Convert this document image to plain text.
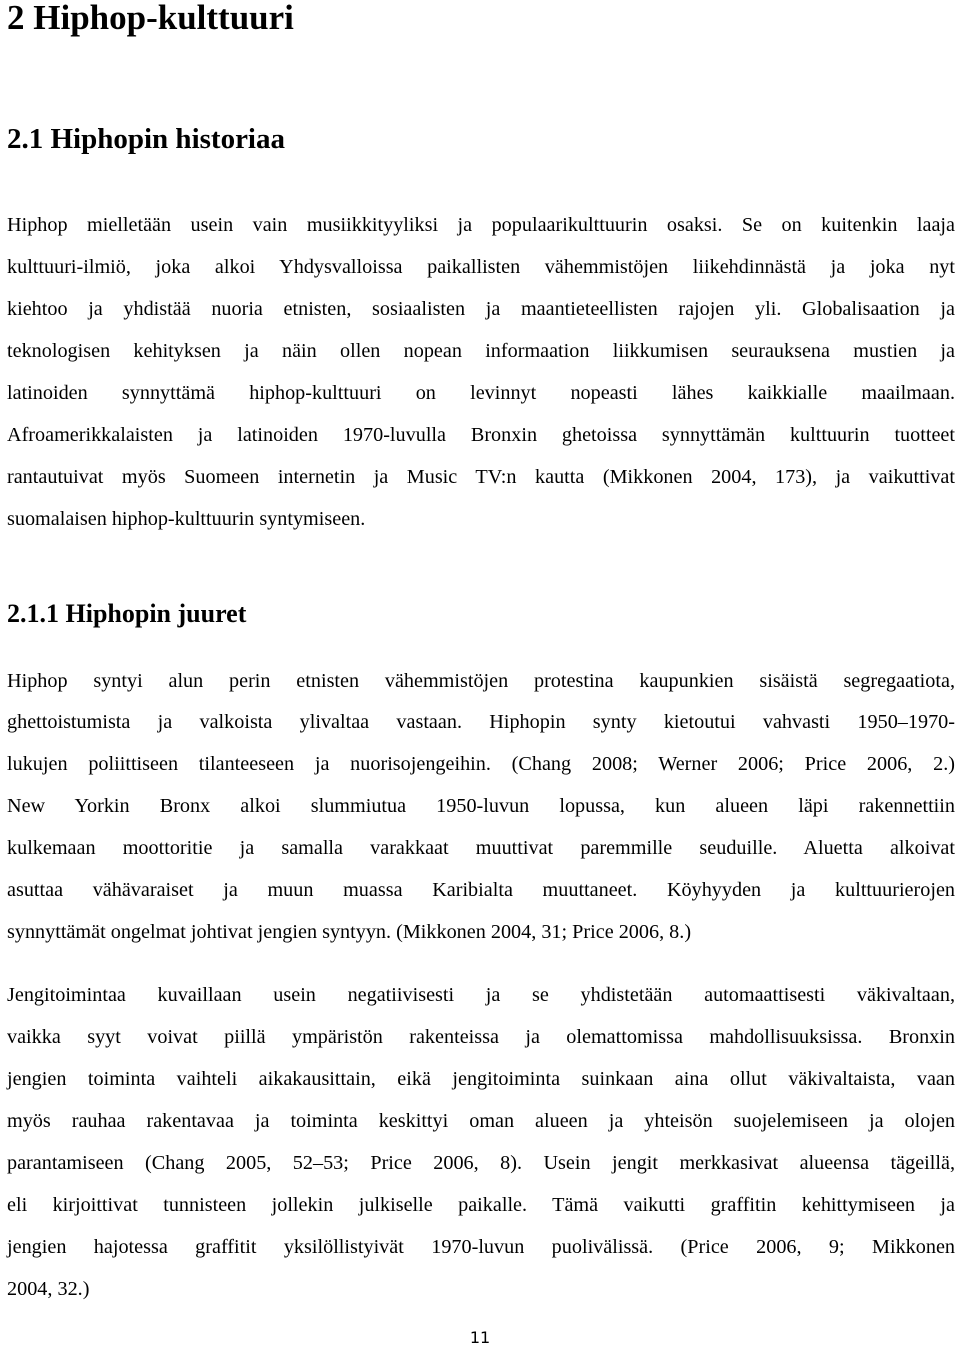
2 Hiphop-kulttuuri
2.1 Hiphopin historiaa

Hiphop mielletään usein vain musiikkityyliksi ja populaarikulttuurin osaksi. Se on kuitenkin laaja

kulttuuri-ilmiö, joka alkoi Yhdysvalloissa paikallisten vähemmistöjen liikehdinnästä ja joka nyt

kiehtoo ja yhdistää nuoria etnisten, sosiaalisten ja maantieteellisten rajojen yli. Globalisaation ja

teknologisen kehityksen ja näin ollen nopean informaation liikkumisen seurauksena mustien ja

latinoiden synnyttämä hiphop-kulttuuri on levinnyt nopeasti lähes kaikkialle maailmaan.

Afroamerikkalaisten ja latinoiden 1970-luvulla Bronxin ghetoissa synnyttämän kulttuurin tuotteet

rantautuivat myös Suomeen internetin ja Music TV:n kautta (Mikkonen 2004, 173), ja vaikuttivat

suomalaisen hiphop-kulttuurin syntymiseen.

2.1.1 Hiphopin juuret

Hiphop syntyi alun perin etnisten vähemmistöjen protestina kaupunkien sisäistä segregaatiota,

ghettoistumista ja valkoista ylivaltaa vastaan. Hiphopin synty kietoutui vahvasti 1950–1970-

lukujen poliittiseen tilanteeseen ja nuorisojengeihin. (Chang 2008; Werner 2006; Price 2006, 2.)

New Yorkin Bronx alkoi slummiutua 1950-luvun lopussa, kun alueen läpi rakennettiin

kulkemaan moottoritie ja samalla varakkaat muuttivat paremmille seuduille. Aluetta alkoivat

asuttaa vähävaraiset ja muun muassa Karibialta muuttaneet. Köyhyyden ja kulttuurierojen

synnyttämät ongelmat johtivat jengien syntyyn. (Mikkonen 2004, 31; Price 2006, 8.)

Jengitoimintaa kuvaillaan usein negatiivisesti ja se yhdistetään automaattisesti väkivaltaan,

vaikka syyt voivat piillä ympäristön rakenteissa ja olemattomissa mahdollisuuksissa. Bronxin

jengien toiminta vaihteli aikakausittain, eikä jengitoiminta suinkaan aina ollut väkivaltaista, vaan

myös rauhaa rakentavaa ja toiminta keskittyi oman alueen ja yhteisön suojelemiseen ja olojen

parantamiseen (Chang 2005, 52–53; Price 2006, 8). Usein jengit merkkasivat alueensa tägeillä,

eli kirjoittivat tunnisteen jollekin julkiselle paikalle. Tämä vaikutti graffitin kehittymiseen ja

jengien hajotessa graffitit yksilöllistyivät 1970-luvun puolivälissä. (Price 2006, 9; Mikkonen

2004, 32.)

11
